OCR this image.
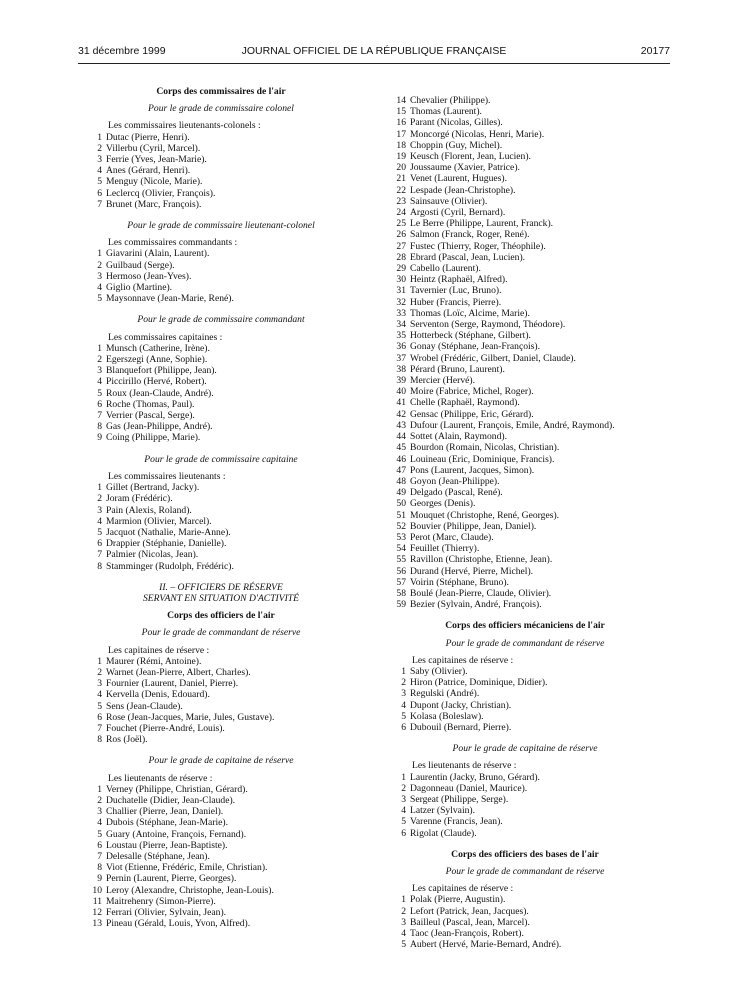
31 décembre 1999	JOURNAL OFFICIEL DE LA RÉPUBLIQUE FRANÇAISE	20177
Corps des commissaires de l'air
Pour le grade de commissaire colonel
Les commissaires lieutenants-colonels :
1 Dutac (Pierre, Henri).
2 Villerbu (Cyril, Marcel).
3 Ferrie (Yves, Jean-Marie).
4 Anes (Gérard, Henri).
5 Menguy (Nicole, Marie).
6 Leclercq (Olivier, François).
7 Brunet (Marc, François).
Pour le grade de commissaire lieutenant-colonel
Les commissaires commandants :
1 Giavarini (Alain, Laurent).
2 Guilbaud (Serge).
3 Hermoso (Jean-Yves).
4 Giglio (Martine).
5 Maysonnave (Jean-Marie, René).
Pour le grade de commissaire commandant
Les commissaires capitaines :
1 Munsch (Catherine, Irène).
2 Egerszegi (Anne, Sophie).
3 Blanquefort (Philippe, Jean).
4 Piccirillo (Hervé, Robert).
5 Roux (Jean-Claude, André).
6 Roche (Thomas, Paul).
7 Verrier (Pascal, Serge).
8 Gas (Jean-Philippe, André).
9 Coing (Philippe, Marie).
Pour le grade de commissaire capitaine
Les commissaires lieutenants :
1 Gillet (Bertrand, Jacky).
2 Joram (Frédéric).
3 Pain (Alexis, Roland).
4 Marmion (Olivier, Marcel).
5 Jacquot (Nathalie, Marie-Anne).
6 Drappier (Stéphanie, Danielle).
7 Palmier (Nicolas, Jean).
8 Stamminger (Rudolph, Frédéric).
II. – OFFICIERS DE RÉSERVE
SERVANT EN SITUATION D'ACTIVITÉ
Corps des officiers de l'air
Pour le grade de commandant de réserve
Les capitaines de réserve :
1 Maurer (Rémi, Antoine).
2 Warnet (Jean-Pierre, Albert, Charles).
3 Fournier (Laurent, Daniel, Pierre).
4 Kervella (Denis, Edouard).
5 Sens (Jean-Claude).
6 Rose (Jean-Jacques, Marie, Jules, Gustave).
7 Fouchet (Pierre-André, Louis).
8 Ros (Joël).
Pour le grade de capitaine de réserve
Les lieutenants de réserve :
1 Verney (Philippe, Christian, Gérard).
2 Duchatelle (Didier, Jean-Claude).
3 Challier (Pierre, Jean, Daniel).
4 Dubois (Stéphane, Jean-Marie).
5 Guary (Antoine, François, Fernand).
6 Loustau (Pierre, Jean-Baptiste).
7 Delesalle (Stéphane, Jean).
8 Viot (Etienne, Frédéric, Emile, Christian).
9 Pernin (Laurent, Pierre, Georges).
10 Leroy (Alexandre, Christophe, Jean-Louis).
11 Maitrehenry (Simon-Pierre).
12 Ferrari (Olivier, Sylvain, Jean).
13 Pineau (Gérald, Louis, Yvon, Alfred).
14 Chevalier (Philippe).
15 Thomas (Laurent).
16 Parant (Nicolas, Gilles).
17 Moncorgé (Nicolas, Henri, Marie).
18 Choppin (Guy, Michel).
19 Keusch (Florent, Jean, Lucien).
20 Joussaume (Xavier, Patrice).
21 Venet (Laurent, Hugues).
22 Lespade (Jean-Christophe).
23 Sainsauve (Olivier).
24 Argosti (Cyril, Bernard).
25 Le Berre (Philippe, Laurent, Franck).
26 Salmon (Franck, Roger, René).
27 Fustec (Thierry, Roger, Théophile).
28 Ebrard (Pascal, Jean, Lucien).
29 Cabello (Laurent).
30 Heintz (Raphaël, Alfred).
31 Tavernier (Luc, Bruno).
32 Huber (Francis, Pierre).
33 Thomas (Loïc, Alcime, Marie).
34 Serventon (Serge, Raymond, Théodore).
35 Hotterbeck (Stéphane, Gilbert).
36 Gonay (Stéphane, Jean-François).
37 Wrobel (Frédéric, Gilbert, Daniel, Claude).
38 Pérard (Bruno, Laurent).
39 Mercier (Hervé).
40 Moire (Fabrice, Michel, Roger).
41 Chelle (Raphaël, Raymond).
42 Gensac (Philippe, Eric, Gérard).
43 Dufour (Laurent, François, Emile, André, Raymond).
44 Sottet (Alain, Raymond).
45 Bourdon (Romain, Nicolas, Christian).
46 Louineau (Eric, Dominique, Francis).
47 Pons (Laurent, Jacques, Simon).
48 Goyon (Jean-Philippe).
49 Delgado (Pascal, René).
50 Georges (Denis).
51 Mouquet (Christophe, René, Georges).
52 Bouvier (Philippe, Jean, Daniel).
53 Perot (Marc, Claude).
54 Feuillet (Thierry).
55 Ravillon (Christophe, Etienne, Jean).
56 Durand (Hervé, Pierre, Michel).
57 Voirin (Stéphane, Bruno).
58 Boulé (Jean-Pierre, Claude, Olivier).
59 Bezier (Sylvain, André, François).
Corps des officiers mécaniciens de l'air
Pour le grade de commandant de réserve
Les capitaines de réserve :
1 Saby (Olivier).
2 Hiron (Patrice, Dominique, Didier).
3 Regulski (André).
4 Dupont (Jacky, Christian).
5 Kolasa (Boleslaw).
6 Dubouil (Bernard, Pierre).
Pour le grade de capitaine de réserve
Les lieutenants de réserve :
1 Laurentin (Jacky, Bruno, Gérard).
2 Dagonneau (Daniel, Maurice).
3 Sergeat (Philippe, Serge).
4 Latzer (Sylvain).
5 Varenne (Francis, Jean).
6 Rigolat (Claude).
Corps des officiers des bases de l'air
Pour le grade de commandant de réserve
Les capitaines de réserve :
1 Polak (Pierre, Augustin).
2 Lefort (Patrick, Jean, Jacques).
3 Bailleul (Pascal, Jean, Marcel).
4 Taoc (Jean-François, Robert).
5 Aubert (Hervé, Marie-Bernard, André).
